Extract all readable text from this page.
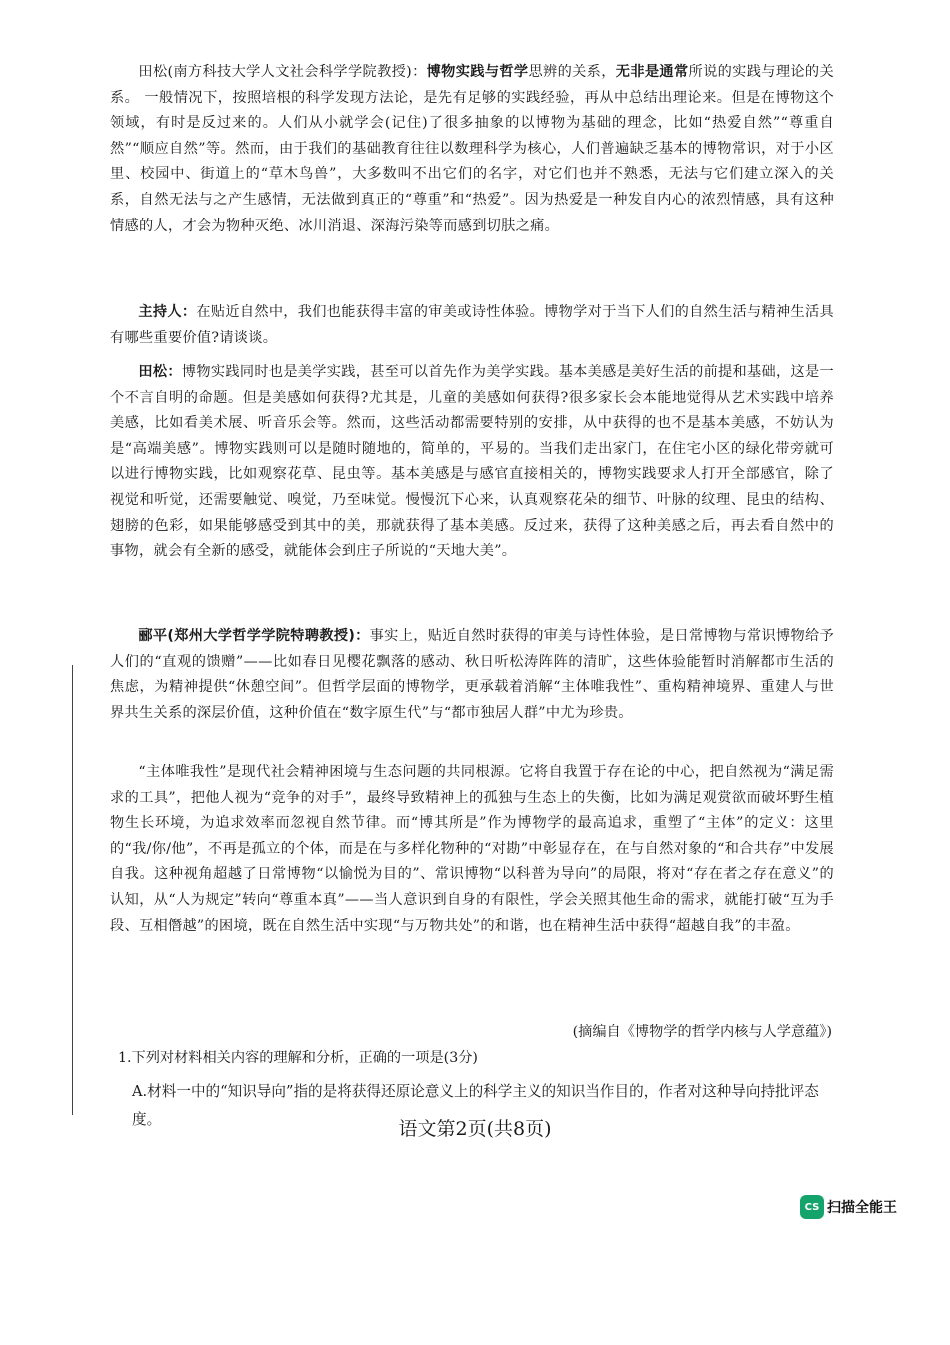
田松(南方科技大学人文社会科学学院教授)：博物实践与哲学思辨的关系，无非是通常所说的实践与理论的关系。 一般情况下，按照培根的科学发现方法论，是先有足够的实践经验，再从中总结出理论来。但是在博物这个领域，有时是反过来的。人们从小就学会(记住)了很多抽象的以博物为基础的理念，比如“热爱自然”“尊重自然”“顺应自然”等。然而，由于我们的基础教育往往以数理科学为核心，人们普遍缺乏基本的博物常识，对于小区里、校园中、街道上的“草木鸟兽”，大多数叫不出它们的名字，对它们也并不熟悉，无法与它们建立深入的关系，自然无法与之产生感情，无法做到真正的“尊重”和“热爱”。因为热爱是一种发自内心的浓烈情感，具有这种情感的人，才会为物种灭绝、冰川消退、深海污染等而感到切肤之痛。

主持人：在贴近自然中，我们也能获得丰富的审美或诗性体验。博物学对于当下人们的自然生活与精神生活具有哪些重要价值?请谈谈。

田松：博物实践同时也是美学实践，甚至可以首先作为美学实践。基本美感是美好生活的前提和基础，这是一个不言自明的命题。但是美感如何获得?尤其是，儿童的美感如何获得?很多家长会本能地觉得从艺术实践中培养美感，比如看美术展、听音乐会等。然而，这些活动都需要特别的安排，从中获得的也不是基本美感，不妨认为是“高端美感”。博物实践则可以是随时随地的，简单的，平易的。当我们走出家门，在住宅小区的绿化带旁就可以进行博物实践，比如观察花草、昆虫等。基本美感是与感官直接相关的，博物实践要求人打开全部感官，除了视觉和听觉，还需要触觉、嗅觉，乃至味觉。慢慢沉下心来，认真观察花朵的细节、叶脉的纹理、昆虫的结构、翅膀的色彩，如果能够感受到其中的美，那就获得了基本美感。反过来，获得了这种美感之后，再去看自然中的事物，就会有全新的感受，就能体会到庄子所说的“天地大美”。

郦平(郑州大学哲学学院特聘教授)：事实上，贴近自然时获得的审美与诗性体验，是日常博物与常识博物给予人们的“直观的馈赠”——比如春日见樱花飘落的感动、秋日听松涛阵阵的清旷，这些体验能暂时消解都市生活的焦虑，为精神提供“休憩空间”。但哲学层面的博物学，更承载着消解“主体唯我性”、重构精神境界、重建人与世界共生关系的深层价值，这种价值在“数字原生代”与“都市独居人群”中尤为珍贵。

“主体唯我性”是现代社会精神困境与生态问题的共同根源。它将自我置于存在论的中心，把自然视为“满足需求的工具”，把他人视为“竞争的对手”，最终导致精神上的孤独与生态上的失衡，比如为满足观赏欲而破坏野生植物生长环境，为追求效率而忽视自然节律。而“博其所是”作为博物学的最高追求，重塑了“主体”的定义：这里的“我/你/他”，不再是孤立的个体，而是在与多样化物种的“对勘”中彰显存在，在与自然对象的“和合共存”中发展自我。这种视角超越了日常博物“以愉悦为目的”、常识博物“以科普为导向”的局限，将对“存在者之存在意义”的认知，从“人为规定”转向“尊重本真”——当人意识到自身的有限性，学会关照其他生命的需求，就能打破“互为手段、互相僭越”的困境，既在自然生活中实现“与万物共处”的和谐，也在精神生活中获得“超越自我”的丰盈。

(摘编自《博物学的哲学内核与人学意蕴》)

1.下列对材料相关内容的理解和分析，正确的一项是(3分)

A.材料一中的“知识导向”指的是将获得还原论意义上的科学主义的知识当作目的，作者对这种导向持批评态度。	语文第2页(共8页)
CS 扫描全能王
